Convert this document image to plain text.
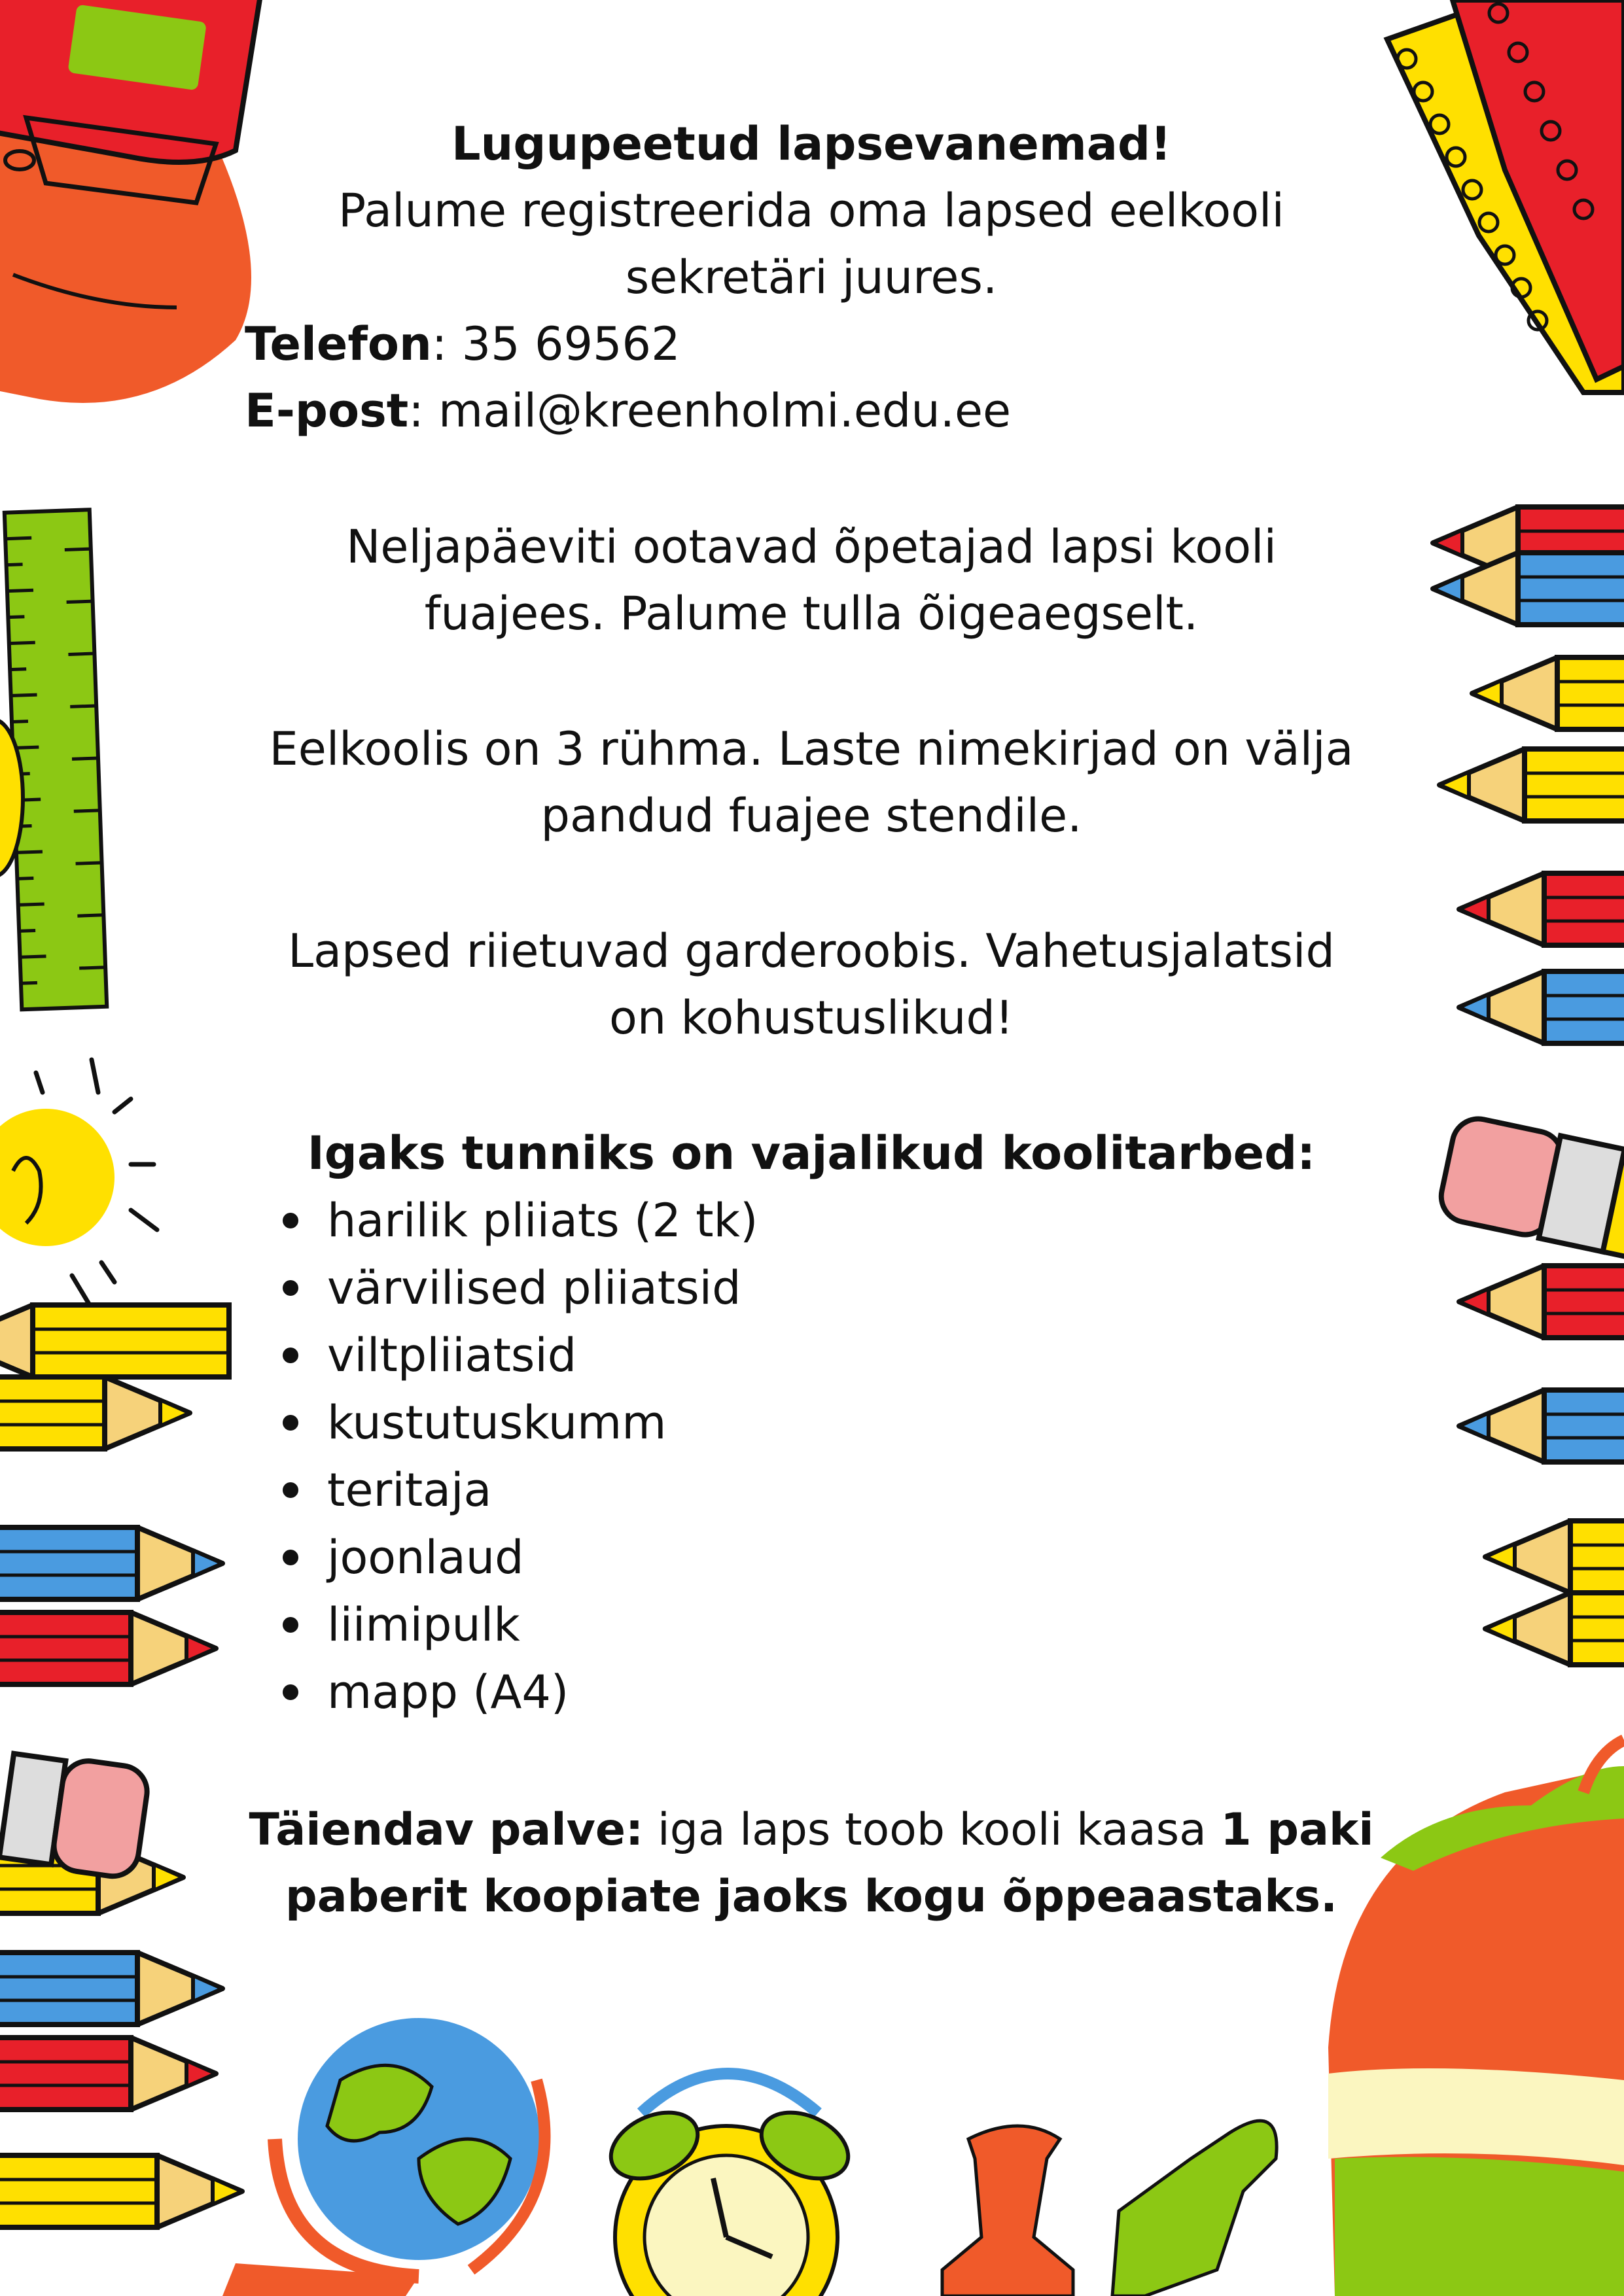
Lugupeetud lapsevanemad!
Palume registreerida oma lapsed eelkooli
sekretäri juures.
Telefon: 35 69562
E-post: mail@kreenholmi.edu.ee
Neljapäeviti ootavad õpetajad lapsi kooli
fuajees. Palume tulla õigeaegselt.
Eelkoolis on 3 rühma. Laste nimekirjad on välja
pandud fuajee stendile.
Lapsed riietuvad garderoobis. Vahetusjalatsid
on kohustuslikud!
Igaks tunniks on vajalikud koolitarbed:
harilik pliiats (2 tk)
värvilised pliiatsid
viltpliiatsid
kustutuskumm
teritaja
joonlaud
liimipulk
mapp (A4)
Täiendav palve: iga laps toob kooli kaasa 1 paki
paberit koopiate jaoks kogu õppeaastaks.
